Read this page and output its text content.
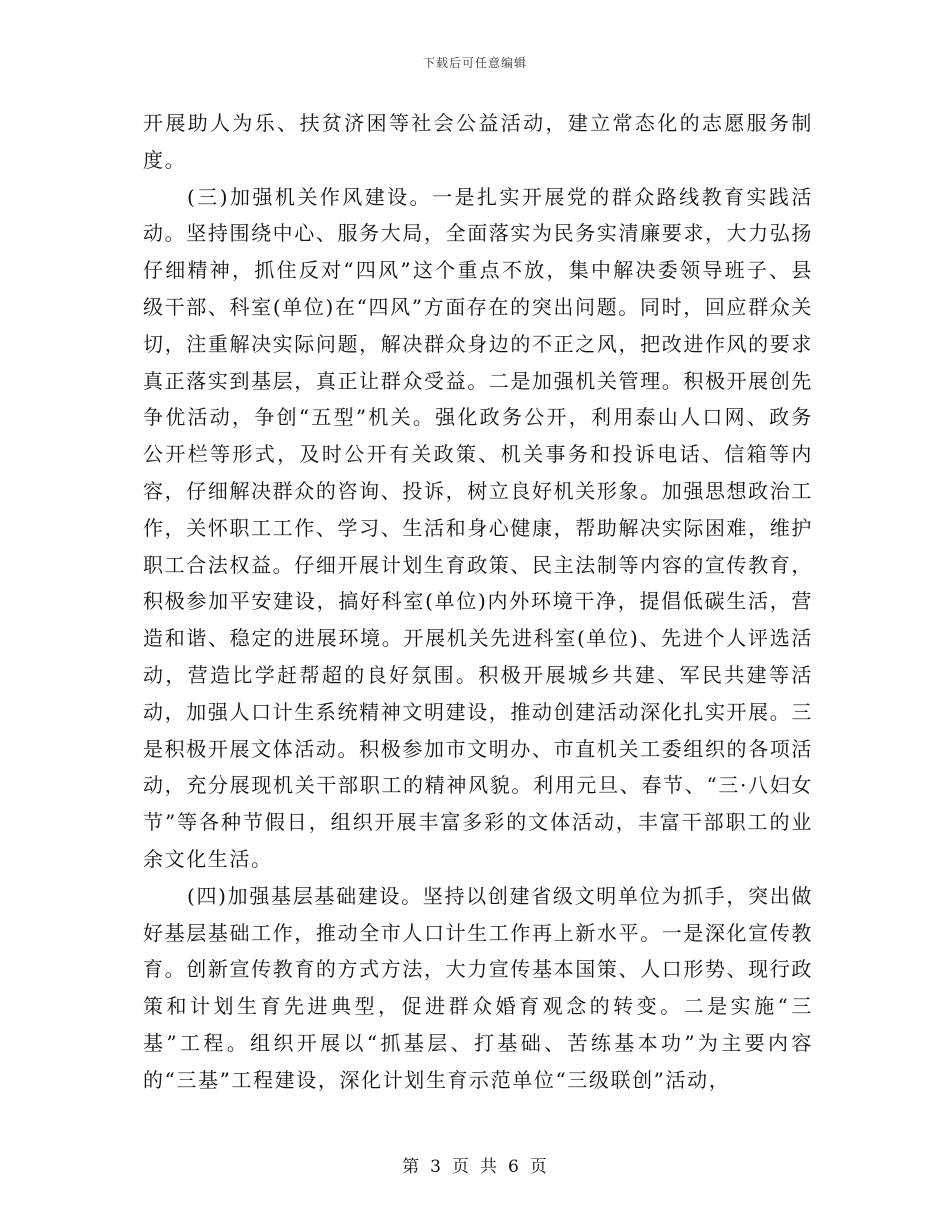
下载后可任意编辑

开展助人为乐、扶贫济困等社会公益活动，建立常态化的志愿服务制度。

(三)加强机关作风建设。一是扎实开展党的群众路线教育实践活动。坚持围绕中心、服务大局，全面落实为民务实清廉要求，大力弘扬仔细精神，抓住反对“四风”这个重点不放，集中解决委领导班子、县级干部、科室(单位)在“四风”方面存在的突出问题。同时，回应群众关切，注重解决实际问题，解决群众身边的不正之风，把改进作风的要求真正落实到基层，真正让群众受益。二是加强机关管理。积极开展创先争优活动，争创“五型”机关。强化政务公开，利用泰山人口网、政务公开栏等形式，及时公开有关政策、机关事务和投诉电话、信箱等内容，仔细解决群众的咨询、投诉，树立良好机关形象。加强思想政治工作，关怀职工工作、学习、生活和身心健康，帮助解决实际困难，维护职工合法权益。仔细开展计划生育政策、民主法制等内容的宣传教育，积极参加平安建设，搞好科室(单位)内外环境干净，提倡低碳生活，营造和谐、稳定的进展环境。开展机关先进科室(单位)、先进个人评选活动，营造比学赶帮超的良好氛围。积极开展城乡共建、军民共建等活动，加强人口计生系统精神文明建设，推动创建活动深化扎实开展。三是积极开展文体活动。积极参加市文明办、市直机关工委组织的各项活动，充分展现机关干部职工的精神风貌。利用元旦、春节、“三·八妇女节”等各种节假日，组织开展丰富多彩的文体活动，丰富干部职工的业余文化生活。

(四)加强基层基础建设。坚持以创建省级文明单位为抓手，突出做好基层基础工作，推动全市人口计生工作再上新水平。一是深化宣传教育。创新宣传教育的方式方法，大力宣传基本国策、人口形势、现行政策和计划生育先进典型，促进群众婚育观念的转变。二是实施“三基”工程。组织开展以“抓基层、打基础、苦练基本功”为主要内容的“三基”工程建设，深化计划生育示范单位“三级联创”活动，

第 3 页 共 6 页
